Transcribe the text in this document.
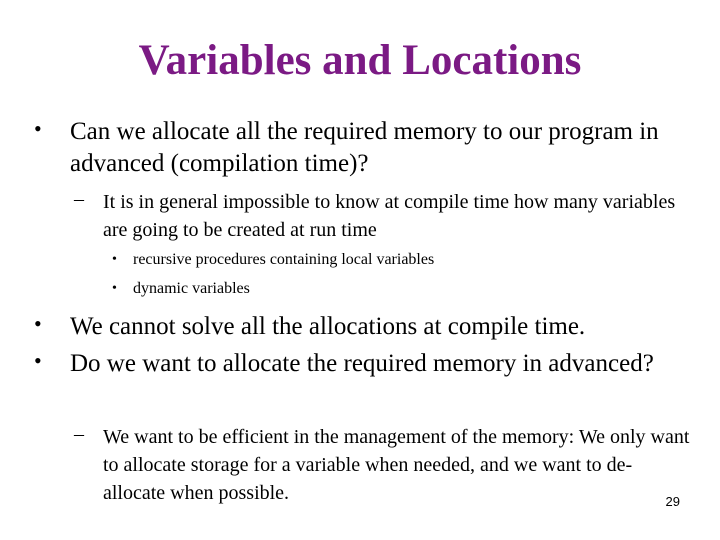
Variables and Locations
• Can we allocate all the required memory to our program in advanced (compilation time)?
– It is in general impossible to know at compile time how many variables are going to be created at run time
• recursive procedures containing local variables
• dynamic variables
• We cannot solve all the allocations at compile time.
• Do we want to allocate the required memory in advanced?
– We want to be efficient in the management of the memory: We only want to allocate storage for a variable when needed, and we want to de-allocate when possible.	29
